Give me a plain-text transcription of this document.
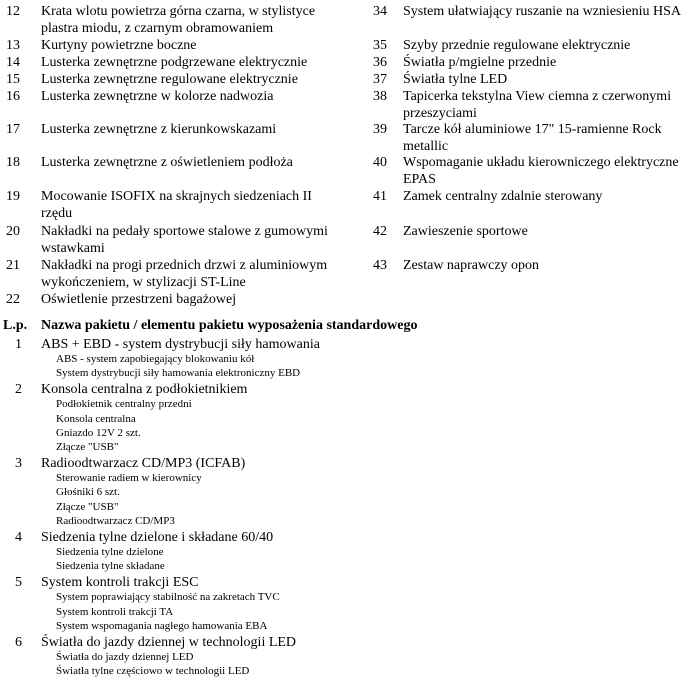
12 Krata wlotu powietrza górna czarna, w stylistyce
plastra miodu, z czarnym obramowaniem
13 Kurtyny powietrzne boczne
14 Lusterka zewnętrzne podgrzewane elektrycznie
15 Lusterka zewnętrzne regulowane elektrycznie
16 Lusterka zewnętrzne w kolorze nadwozia
17 Lusterka zewnętrzne z kierunkowskazami
18 Lusterka zewnętrzne z oświetleniem podłoża
19 Mocowanie ISOFIX na skrajnych siedzeniach II
rzędu
20 Nakładki na pedały sportowe stalowe z gumowymi
wstawkami
21 Nakładki na progi przednich drzwi z aluminiowym
wykończeniem, w stylizacji ST-Line
22 Oświetlenie przestrzeni bagażowej
34 System ułatwiający ruszanie na wzniesieniu HSA
35 Szyby przednie regulowane elektrycznie
36 Światła p/mgielne przednie
37 Światła tylne LED
38 Tapicerka tekstylna View ciemna z czerwonymi
przeszyciami
39 Tarcze kół aluminiowe 17" 15-ramienne Rock
metallic
40 Wspomaganie układu kierowniczego elektryczne
EPAS
41 Zamek centralny zdalnie sterowany
42 Zawieszenie sportowe
43 Zestaw naprawczy opon
L.p. Nazwa pakietu / elementu pakietu wyposażenia standardowego
1 ABS + EBD - system dystrybucji siły hamowania
ABS - system zapobiegający blokowaniu kół
System dystrybucji siły hamowania elektroniczny EBD
2 Konsola centralna z podłokietnikiem
Podłokietnik centralny przedni
Konsola centralna
Gniazdo 12V 2 szt.
Złącze "USB"
3 Radioodtwarzacz CD/MP3 (ICFAB)
Sterowanie radiem w kierownicy
Głośniki 6 szt.
Złącze "USB"
Radioodtwarzacz CD/MP3
4 Siedzenia tylne dzielone i składane 60/40
Siedzenia tylne dzielone
Siedzenia tylne składane
5 System kontroli trakcji ESC
System poprawiający stabilność na zakretach TVC
System kontroli trakcji TA
System wspomagania nagłego hamowania EBA
6 Światła do jazdy dziennej w technologii LED
Światła do jazdy dziennej LED
Światła tylne częściowo w technologii LED
